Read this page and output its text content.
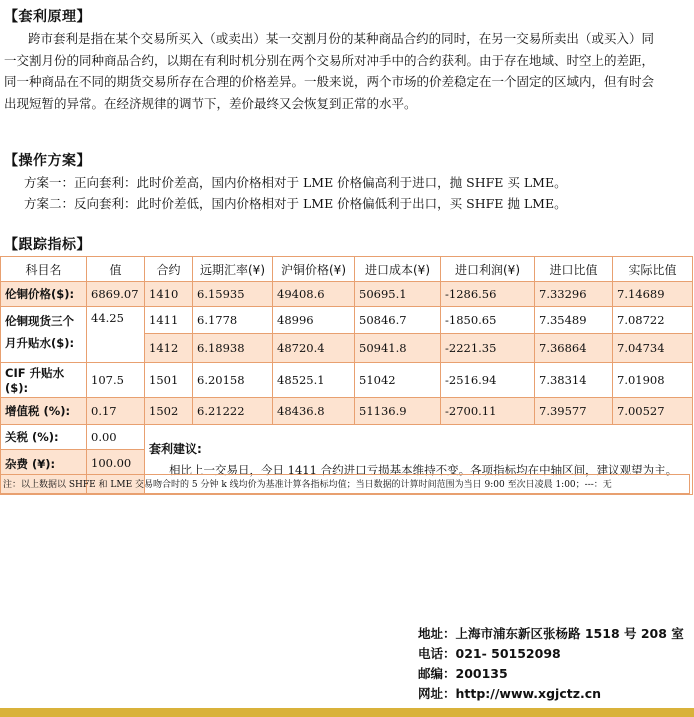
【套利原理】
跨市套利是指在某个交易所买入（或卖出）某一交割月份的某种商品合约的同时，在另一交易所卖出（或买入）同一交割月份的同种商品合约，以期在有利时机分别在两个交易所对冲手中的合约获利。由于存在地域、时空上的差距，同一种商品在不同的期货交易所存在合理的价格差异。一般来说，两个市场的价差稳定在一个固定的区域内，但有时会出现短暂的异常。在经济规律的调节下，差价最终又会恢复到正常的水平。
【操作方案】
方案一：正向套利：此时价差高，国内价格相对于 LME 价格偏高利于进口，抛 SHFE 买 LME。
方案二：反向套利：此时价差低，国内价格相对于 LME 价格偏低利于出口，买 SHFE 抛 LME。
【跟踪指标】
科目名	值	合约	远期汇率(¥)	沪铜价格(¥)	进口成本(¥)	进口利润(¥)	进口比值	实际比值
伦铜价格($):	6869.07	1410	6.15935	49408.6	50695.1	-1286.56	7.33296	7.14689
伦铜现货三个月升贴水($):	44.25	1411	6.1778	48996	50846.7	-1850.65	7.35489	7.08722
		1412	6.18938	48720.4	50941.8	-2221.35	7.36864	7.04734
CIF 升贴水($):	107.5	1501	6.20158	48525.1	51042	-2516.94	7.38314	7.01908
增值税 (%):	0.17	1502	6.21222	48436.8	51136.9	-2700.11	7.39577	7.00527
关税 (%):	0.00	套利建议:
相比上一交易日，今日 1411 合约进口亏损基本维持不变。各项指标均在中轴区间，建议观望为主。						

杂费 (¥):	100.00							
注：以上数据以 SHFE 和 LME 交易吻合时的 5 分钟 k 线均价为基准计算各指标均值；当日数据的计算时间范围为当日 9:00 至次日凌晨 1:00；---：无
地址：上海市浦东新区张杨路 1518 号 208 室
电话：021- 50152098
邮编：200135
网址：http://www.xgjctz.cn
